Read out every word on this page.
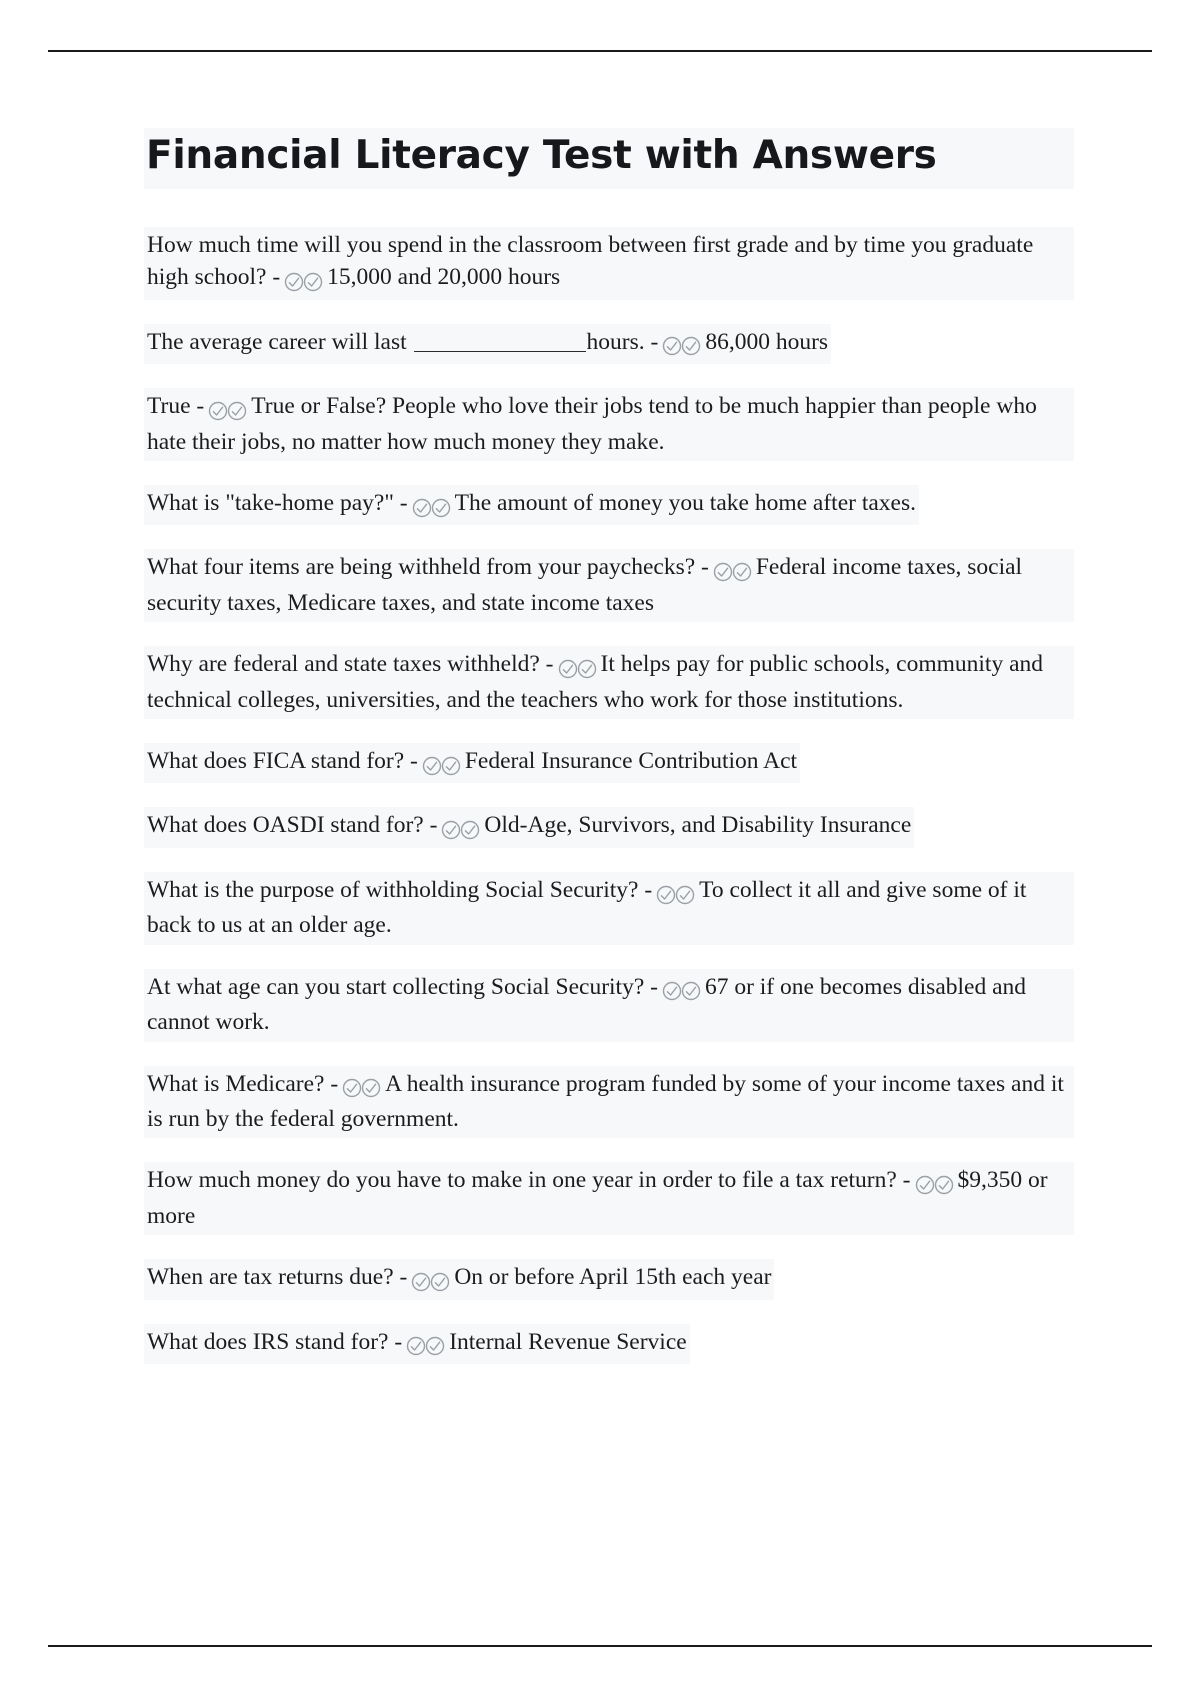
Financial Literacy Test with Answers

How much time will you spend in the classroom between first grade and by time you graduate high school? - 15,000 and 20,000 hours

The average career will last	hours. - 86,000 hours

True - True or False? People who love their jobs tend to be much happier than people who hate their jobs, no matter how much money they make.

What is "take-home pay?" - The amount of money you take home after taxes.

What four items are being withheld from your paychecks? - Federal income taxes, social security taxes, Medicare taxes, and state income taxes

Why are federal and state taxes withheld? - It helps pay for public schools, community and technical colleges, universities, and the teachers who work for those institutions.

What does FICA stand for? - Federal Insurance Contribution Act

What does OASDI stand for? - Old-Age, Survivors, and Disability Insurance

What is the purpose of withholding Social Security? - To collect it all and give some of it back to us at an older age.

At what age can you start collecting Social Security? - 67 or if one becomes disabled and cannot work.

What is Medicare? - A health insurance program funded by some of your income taxes and it is run by the federal government.

How much money do you have to make in one year in order to file a tax return? - $9,350 or more

When are tax returns due? - On or before April 15th each year

What does IRS stand for? - Internal Revenue Service
